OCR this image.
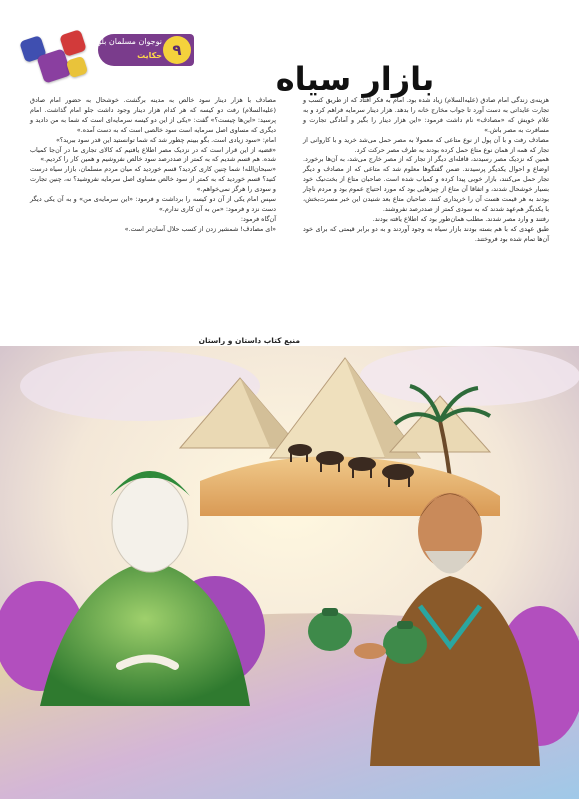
نوجوان مسلمان بلوچ
حکایت ۹
بازار سیاه

هزینه‌ی زندگی امام صادق (علیه‌السلام) زیاد شده بود. امام به فکر افتاد که از طریق کسب و تجارت عایداتی به دست آورد تا جواب مخارج خانه را بدهد. هزار دینار سرمایه فراهم کرد و به غلام خویش که «مصادف» نام داشت فرمود: «این هزار دینار را بگیر و آمادگی تجارت و مسافرت به مصر باش.»

مصادف رفت و با آن پول از نوع متاعی که معمولا به مصر حمل می‌شد خرید و با کاروانی از تجار که همه از همان نوع متاع حمل کرده بودند به طرف مصر حرکت کرد.

همین که نزدیک مصر رسیدند، قافله‌ای دیگر از تجار که از مصر خارج می‌شد، به آن‌ها برخورد. اوضاع و احوال یکدیگر پرسیدند. ضمن گفتگوها معلوم شد که متاعی که از مصادف و دیگر تجار حمل می‌کنند، بازار خوبی پیدا کرده و کمیاب شده است. صاحبان متاع از بخت‌نیک خود بسیار خوشحال شدند، و اتفاقا آن متاع از چیزهایی بود که مورد احتیاج عموم بود و مردم ناچار بودند به هر قیمت هست آن را خریداری کنند. صاحبان متاع بعد شنیدن این خبر مسرت‌بخش، با یکدیگر هم‌عهد شدند که به سودی کمتر از صددرصد نفروشند.

رفتند و وارد مصر شدند. مطلب همان‌طور بود که اطلاع یافته بودند.

طبق عهدی که با هم بسته بودند بازار سیاه به وجود آوردند و به دو برابر قیمتی که برای خود آن‌ها تمام شده بود فروختند.

مصادف با هزار دینار سود خالص به مدینه برگشت. خوشحال به حضور امام صادق (علیه‌السلام) رفت دو کیسه که هر کدام هزار دینار وجود داشت جلو امام گذاشت. امام پرسید: «این‌ها چیست؟» گفت: «یکی از این دو کیسه سرمایه‌ای است که شما به من دادید و دیگری که مساوی اصل سرمایه است سود خالصی است که به دست آمده.»

امام: «سود زیادی است. بگو ببینم چطور شد که شما توانستید این قدر سود ببرید؟»

«قضیه از این قرار است که در نزدیک مصر اطلاع یافتیم که کالای تجاری ما در آن‌جا کمیاب شده. هم قسم شدیم که به کمتر از صددرصد سود خالص نفروشیم و همین کار را کردیم.»

«سبحان‌الله! شما چنین کاری کردید؟ قسم خوردید که میان مردم مسلمان، بازار سیاه درست کنید؟ قسم خوردید که به کمتر از سود خالص مساوی اصل سرمایه نفروشید؟ نه، چنین تجارت و سودی را هرگز نمی‌خواهم.»

سپس امام یکی از آن دو کیسه را برداشت و فرمود: «این سرمایه‌ی من» و به آن یکی دیگر دست نزد و فرمود: «من به آن کاری ندارم.»

آن‌گاه فرمود:

«ای مصادف! شمشیر زدن از کسب حلال آسان‌تر است.»

منبع کتاب داستان و راستان
